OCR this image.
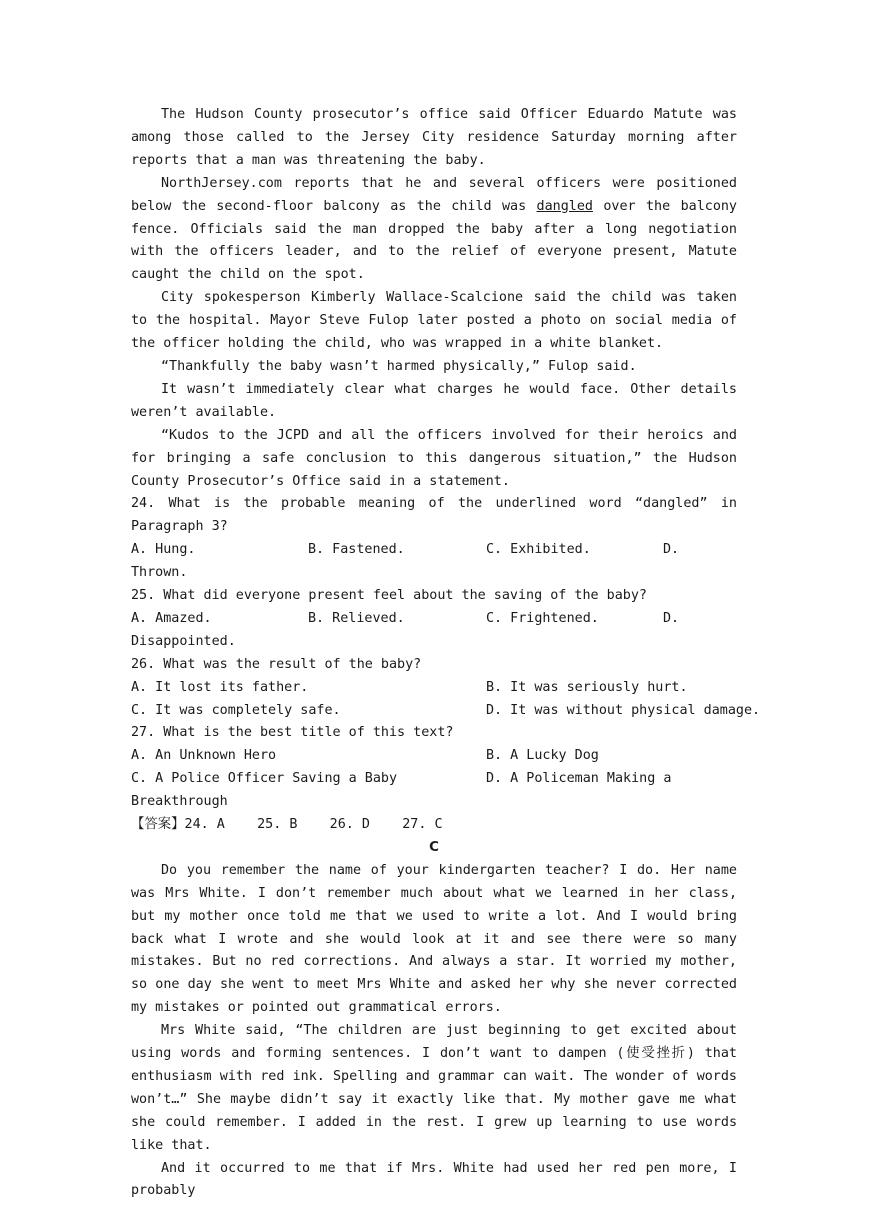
The Hudson County prosecutor’s office said Officer Eduardo Matute was among those called to the Jersey City residence Saturday morning after reports that a man was threatening the baby.

NorthJersey.com reports that he and several officers were positioned below the second-floor balcony as the child was dangled over the balcony fence. Officials said the man dropped the baby after a long negotiation with the officers leader, and to the relief of everyone present, Matute caught the child on the spot.

City spokesperson Kimberly Wallace-Scalcione said the child was taken to the hospital. Mayor Steve Fulop later posted a photo on social media of the officer holding the child, who was wrapped in a white blanket.

“Thankfully the baby wasn’t harmed physically,” Fulop said.

It wasn’t immediately clear what charges he would face. Other details weren’t available.

“Kudos to the JCPD and all the officers involved for their heroics and for bringing a safe conclusion to this dangerous situation,” the Hudson County Prosecutor’s Office said in a statement.

24. What is the probable meaning of the underlined word “dangled” in Paragraph 3?

A. Hung.	B. Fastened.	C. Exhibited.	D.

Thrown.

25. What did everyone present feel about the saving of the baby?

A. Amazed.	B. Relieved.	C. Frightened.	D.

Disappointed.

26. What was the result of the baby?

A. It lost its father.	B. It was seriously hurt.
C. It was completely safe.	D. It was without physical damage.

27. What is the best title of this text?

A. An Unknown Hero	B. A Lucky Dog
C. A Police Officer Saving a Baby	D. A Policeman Making a

Breakthrough

【答案】24. A    25. B    26. D    27. C

C

Do you remember the name of your kindergarten teacher? I do. Her name was Mrs White. I don’t remember much about what we learned in her class, but my mother once told me that we used to write a lot. And I would bring back what I wrote and she would look at it and see there were so many mistakes. But no red corrections. And always a star. It worried my mother, so one day she went to meet Mrs White and asked her why she never corrected my mistakes or pointed out grammatical errors.

Mrs White said, “The children are just beginning to get excited about using words and forming sentences. I don’t want to dampen (使受挫折) that enthusiasm with red ink. Spelling and grammar can wait. The wonder of words won’t…” She maybe didn’t say it exactly like that. My mother gave me what she could remember. I added in the rest. I grew up learning to use words like that.

And it occurred to me that if Mrs. White had used her red pen more, I probably
